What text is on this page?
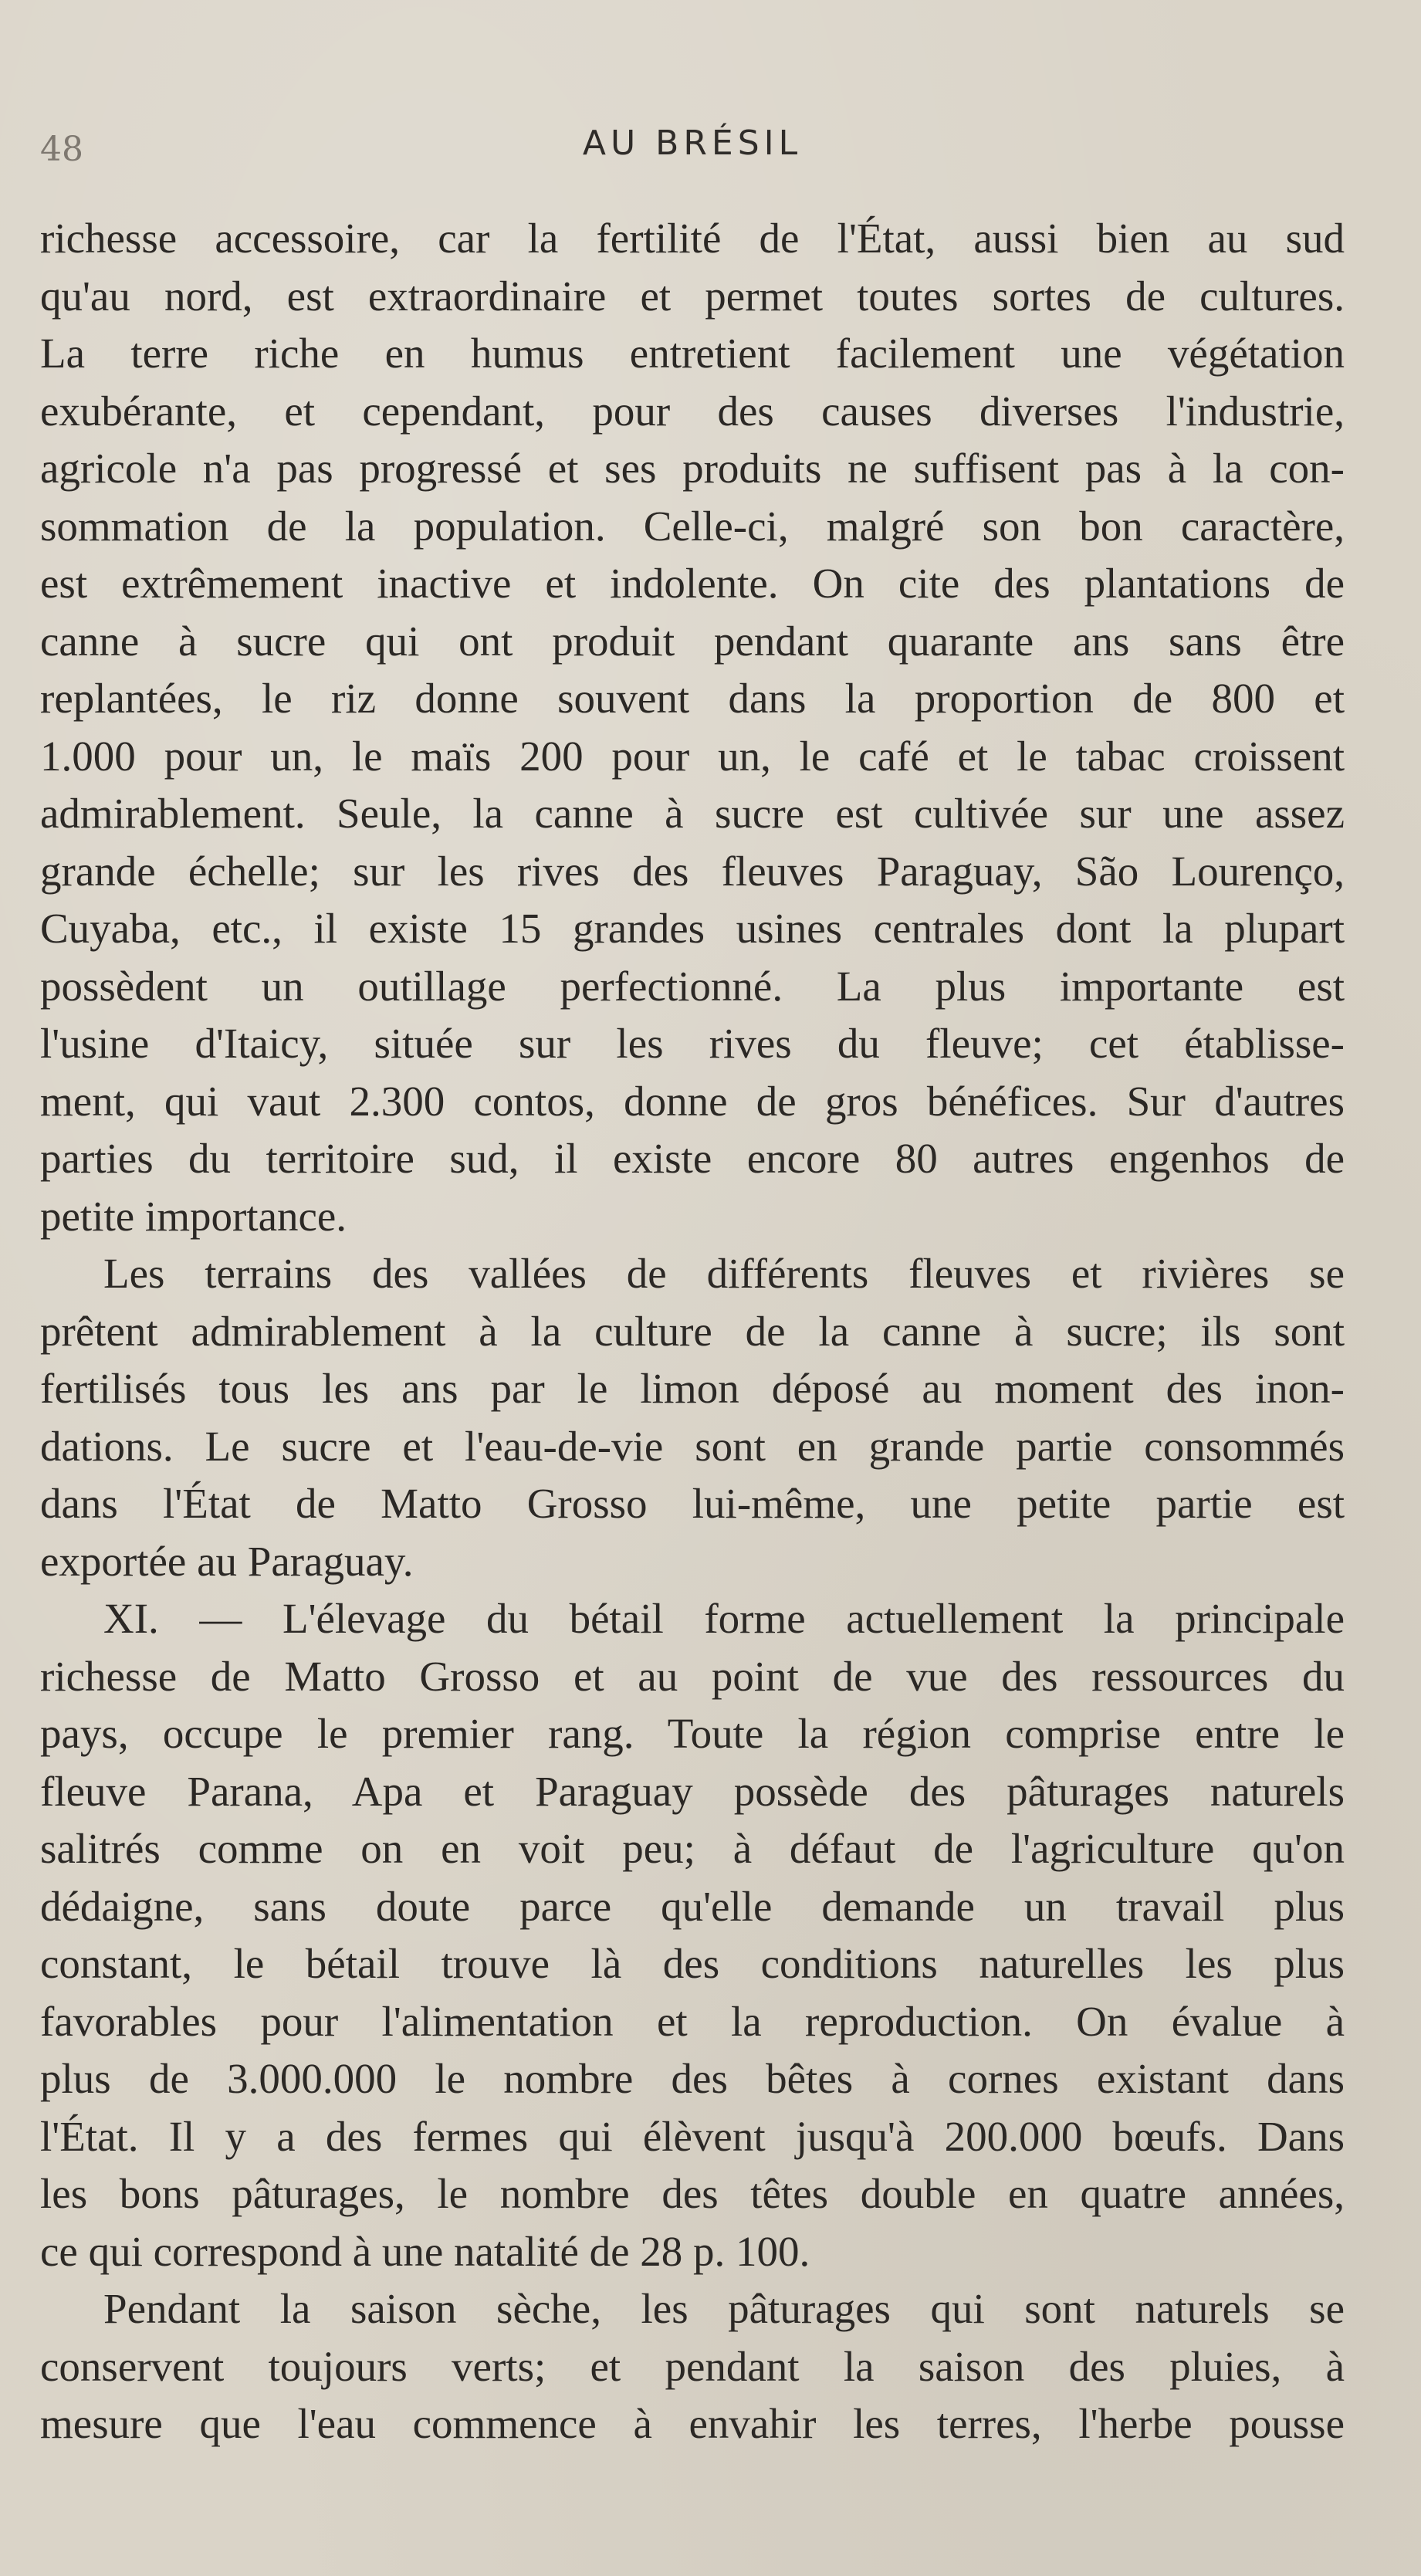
48	AU BRÉSIL
richesse accessoire, car la fertilité de l'État, aussi bien au sud
qu'au nord, est extraordinaire et permet toutes sortes de cultures.
La terre riche en humus entretient facilement une végétation
exubérante, et cependant, pour des causes diverses l'industrie,
agricole n'a pas progressé et ses produits ne suffisent pas à la con-
sommation de la population. Celle-ci, malgré son bon caractère,
est extrêmement inactive et indolente. On cite des plantations de
canne à sucre qui ont produit pendant quarante ans sans être
replantées, le riz donne souvent dans la proportion de 800 et
1.000 pour un, le maïs 200 pour un, le café et le tabac croissent
admirablement. Seule, la canne à sucre est cultivée sur une assez
grande échelle; sur les rives des fleuves Paraguay, São Lourenço,
Cuyaba, etc., il existe 15 grandes usines centrales dont la plupart
possèdent un outillage perfectionné. La plus importante est
l'usine d'Itaicy, située sur les rives du fleuve; cet établisse-
ment, qui vaut 2.300 contos, donne de gros bénéfices. Sur d'autres
parties du territoire sud, il existe encore 80 autres engenhos de
petite importance.
Les terrains des vallées de différents fleuves et rivières se
prêtent admirablement à la culture de la canne à sucre; ils sont
fertilisés tous les ans par le limon déposé au moment des inon-
dations. Le sucre et l'eau-de-vie sont en grande partie consommés
dans l'État de Matto Grosso lui-même, une petite partie est
exportée au Paraguay.
XI. — L'élevage du bétail forme actuellement la principale
richesse de Matto Grosso et au point de vue des ressources du
pays, occupe le premier rang. Toute la région comprise entre le
fleuve Parana, Apa et Paraguay possède des pâturages naturels
salitrés comme on en voit peu; à défaut de l'agriculture qu'on
dédaigne, sans doute parce qu'elle demande un travail plus
constant, le bétail trouve là des conditions naturelles les plus
favorables pour l'alimentation et la reproduction. On évalue à
plus de 3.000.000 le nombre des bêtes à cornes existant dans
l'État. Il y a des fermes qui élèvent jusqu'à 200.000 bœufs. Dans
les bons pâturages, le nombre des têtes double en quatre années,
ce qui correspond à une natalité de 28 p. 100.
Pendant la saison sèche, les pâturages qui sont naturels se
conservent toujours verts; et pendant la saison des pluies, à
mesure que l'eau commence à envahir les terres, l'herbe pousse
